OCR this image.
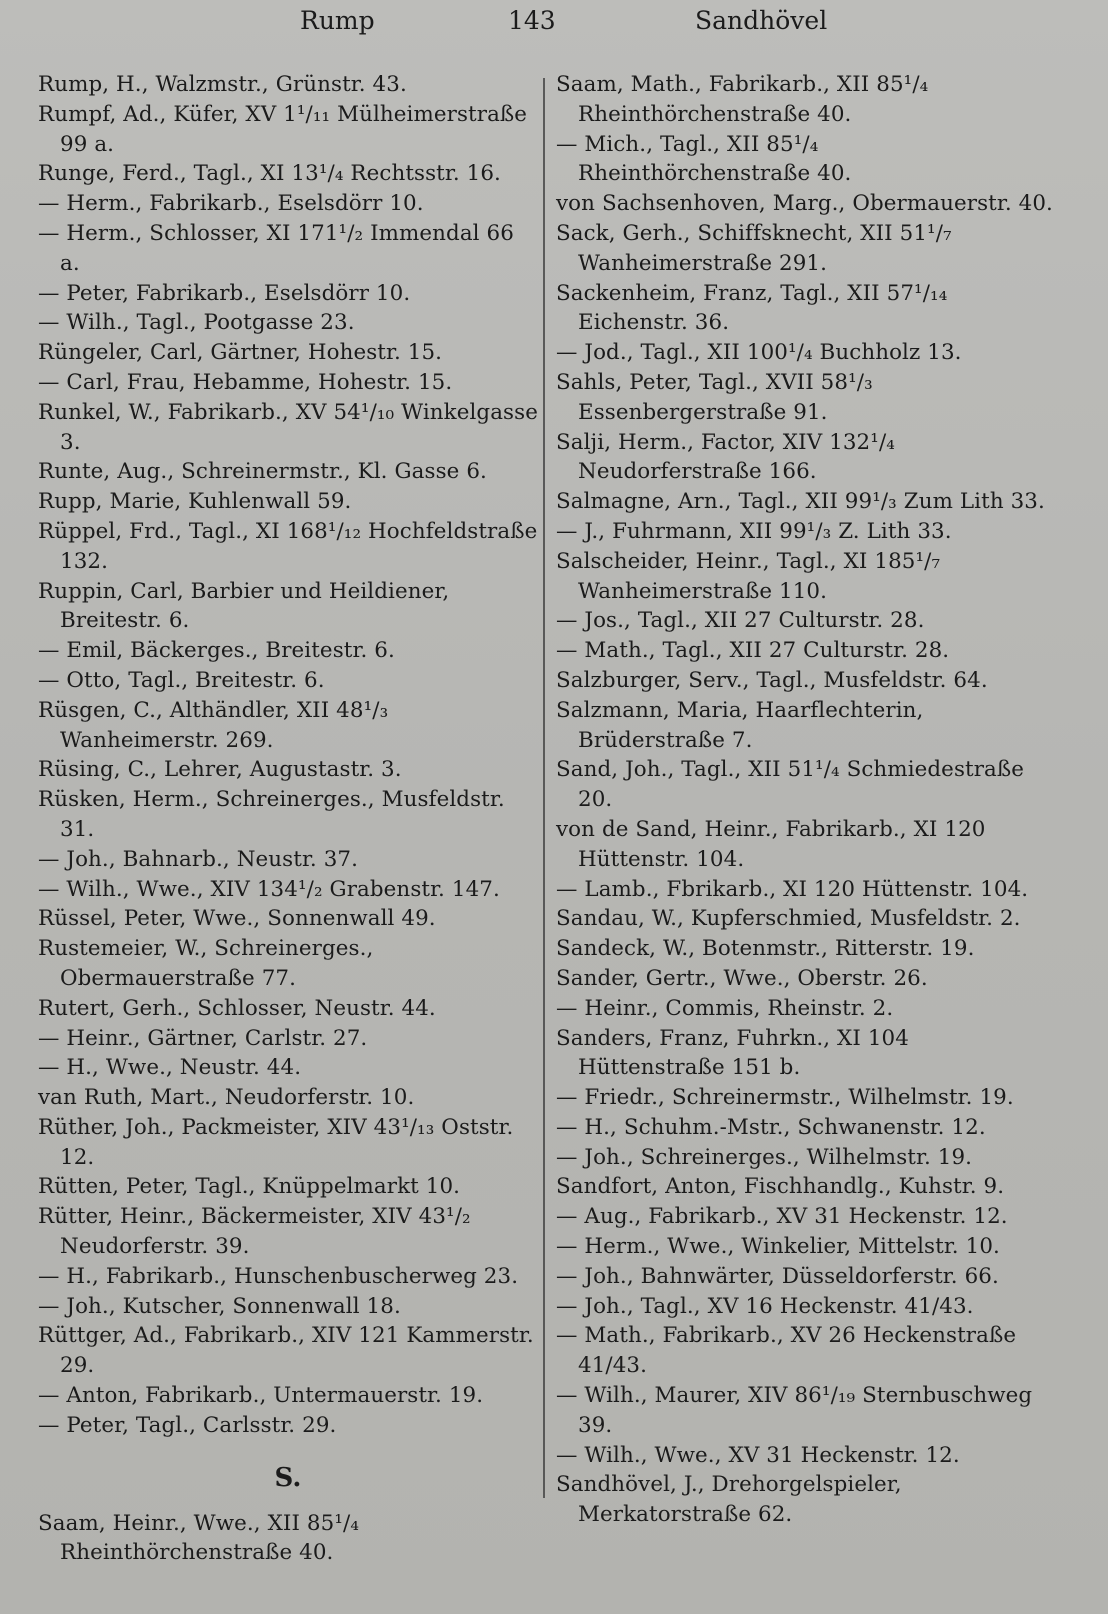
Rump	143	Sandhövel

Rump, H., Walzmstr., Grünstr. 43.

Rumpf, Ad., Küfer, XV 1¹/₁₁ Mülheimerstraße 99 a.

Runge, Ferd., Tagl., XI 13¹/₄ Rechtsstr. 16.

— Herm., Fabrikarb., Eselsdörr 10.

— Herm., Schlosser, XI 171¹/₂ Immendal 66 a.

— Peter, Fabrikarb., Eselsdörr 10.

— Wilh., Tagl., Pootgasse 23.

Rüngeler, Carl, Gärtner, Hohestr. 15.

— Carl, Frau, Hebamme, Hohestr. 15.

Runkel, W., Fabrikarb., XV 54¹/₁₀ Winkelgasse 3.

Runte, Aug., Schreinermstr., Kl. Gasse 6.

Rupp, Marie, Kuhlenwall 59.

Rüppel, Frd., Tagl., XI 168¹/₁₂ Hochfeldstraße 132.

Ruppin, Carl, Barbier und Heildiener, Breitestr. 6.

— Emil, Bäckerges., Breitestr. 6.

— Otto, Tagl., Breitestr. 6.

Rüsgen, C., Althändler, XII 48¹/₃ Wanheimerstr. 269.

Rüsing, C., Lehrer, Augustastr. 3.

Rüsken, Herm., Schreinerges., Musfeldstr. 31.

— Joh., Bahnarb., Neustr. 37.

— Wilh., Wwe., XIV 134¹/₂ Grabenstr. 147.

Rüssel, Peter, Wwe., Sonnenwall 49.

Rustemeier, W., Schreinerges., Obermauerstraße 77.

Rutert, Gerh., Schlosser, Neustr. 44.

— Heinr., Gärtner, Carlstr. 27.

— H., Wwe., Neustr. 44.

van Ruth, Mart., Neudorferstr. 10.

Rüther, Joh., Packmeister, XIV 43¹/₁₃ Oststr. 12.

Rütten, Peter, Tagl., Knüppelmarkt 10.

Rütter, Heinr., Bäckermeister, XIV 43¹/₂ Neudorferstr. 39.

— H., Fabrikarb., Hunschenbuscherweg 23.

— Joh., Kutscher, Sonnenwall 18.

Rüttger, Ad., Fabrikarb., XIV 121 Kammerstr. 29.

— Anton, Fabrikarb., Untermauerstr. 19.

— Peter, Tagl., Carlsstr. 29.

S.

Saam, Heinr., Wwe., XII 85¹/₄ Rheinthörchenstraße 40.

Saam, Math., Fabrikarb., XII 85¹/₄ Rheinthörchenstraße 40.

— Mich., Tagl., XII 85¹/₄ Rheinthörchenstraße 40.

von Sachsenhoven, Marg., Obermauerstr. 40.

Sack, Gerh., Schiffsknecht, XII 51¹/₇ Wanheimerstraße 291.

Sackenheim, Franz, Tagl., XII 57¹/₁₄ Eichenstr. 36.

— Jod., Tagl., XII 100¹/₄ Buchholz 13.

Sahls, Peter, Tagl., XVII 58¹/₃ Essenbergerstraße 91.

Salji, Herm., Factor, XIV 132¹/₄ Neudorferstraße 166.

Salmagne, Arn., Tagl., XII 99¹/₃ Zum Lith 33.

— J., Fuhrmann, XII 99¹/₃ Z. Lith 33.

Salscheider, Heinr., Tagl., XI 185¹/₇ Wanheimerstraße 110.

— Jos., Tagl., XII 27 Culturstr. 28.

— Math., Tagl., XII 27 Culturstr. 28.

Salzburger, Serv., Tagl., Musfeldstr. 64.

Salzmann, Maria, Haarflechterin, Brüderstraße 7.

Sand, Joh., Tagl., XII 51¹/₄ Schmiedestraße 20.

von de Sand, Heinr., Fabrikarb., XI 120 Hüttenstr. 104.

— Lamb., Fbrikarb., XI 120 Hüttenstr. 104.

Sandau, W., Kupferschmied, Musfeldstr. 2.

Sandeck, W., Botenmstr., Ritterstr. 19.

Sander, Gertr., Wwe., Oberstr. 26.

— Heinr., Commis, Rheinstr. 2.

Sanders, Franz, Fuhrkn., XI 104 Hüttenstraße 151 b.

— Friedr., Schreinermstr., Wilhelmstr. 19.

— H., Schuhm.-Mstr., Schwanenstr. 12.

— Joh., Schreinerges., Wilhelmstr. 19.

Sandfort, Anton, Fischhandlg., Kuhstr. 9.

— Aug., Fabrikarb., XV 31 Heckenstr. 12.

— Herm., Wwe., Winkelier, Mittelstr. 10.

— Joh., Bahnwärter, Düsseldorferstr. 66.

— Joh., Tagl., XV 16 Heckenstr. 41/43.

— Math., Fabrikarb., XV 26 Heckenstraße 41/43.

— Wilh., Maurer, XIV 86¹/₁₉ Sternbuschweg 39.

— Wilh., Wwe., XV 31 Heckenstr. 12.

Sandhövel, J., Drehorgelspieler, Merkatorstraße 62.
